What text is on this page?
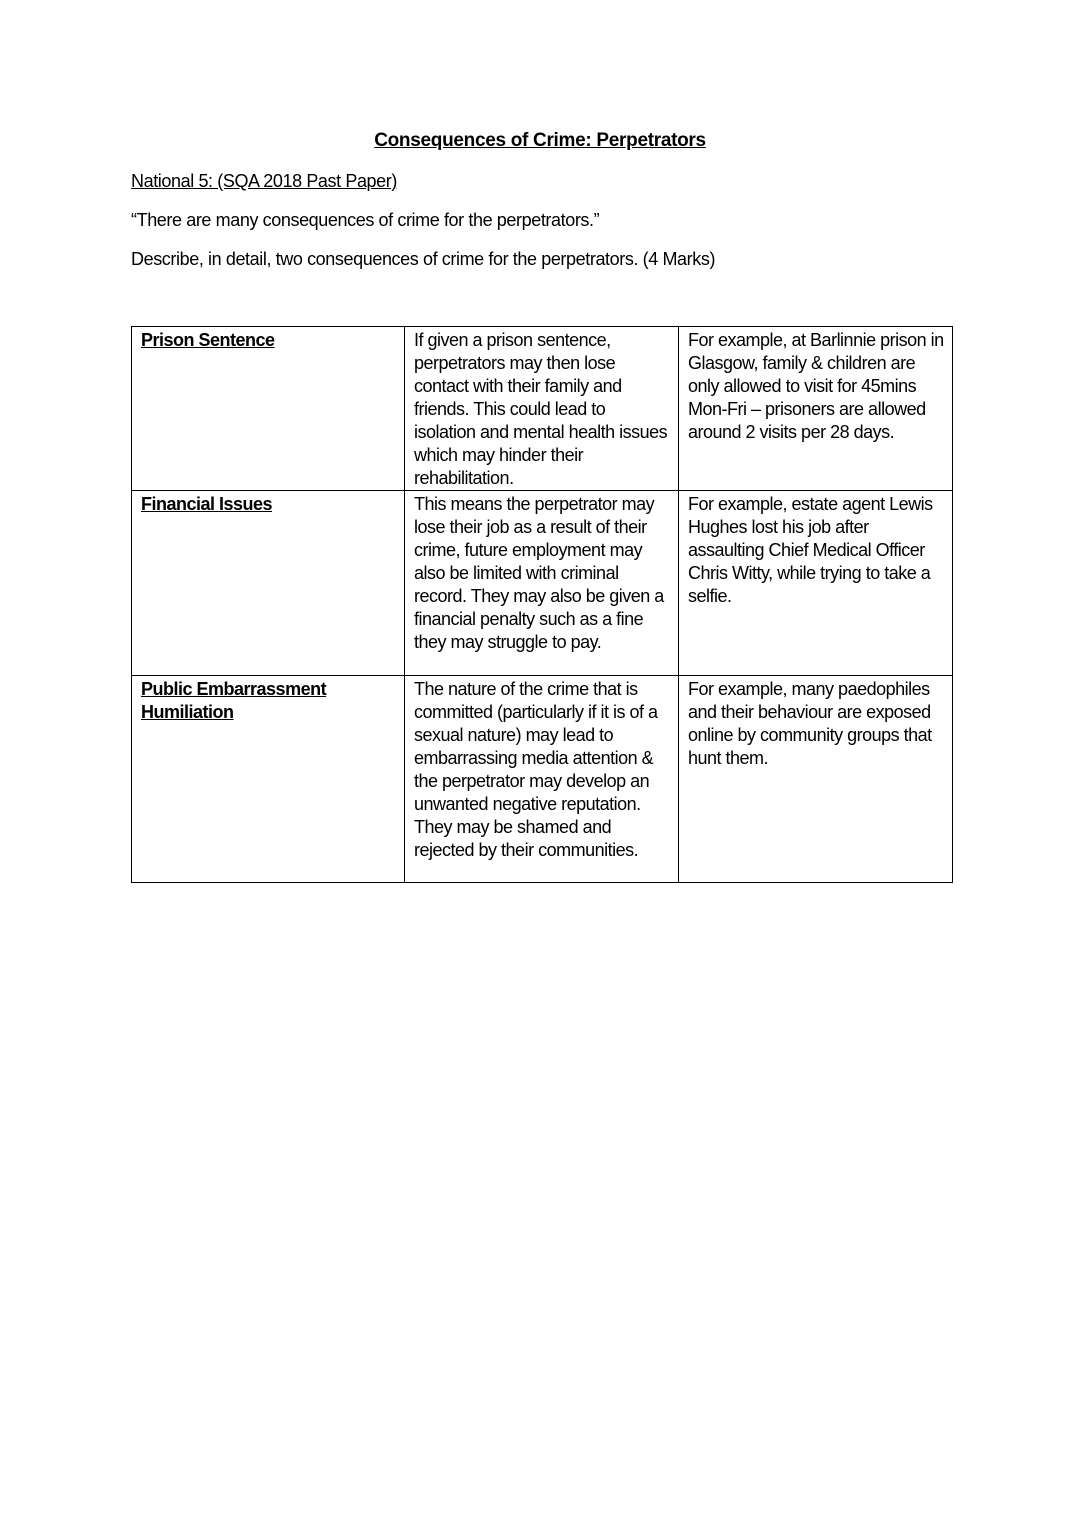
Consequences of Crime: Perpetrators
National 5: (SQA 2018 Past Paper)
“There are many consequences of crime for the perpetrators.”
Describe, in detail, two consequences of crime for the perpetrators. (4 Marks)
Prison Sentence	If given a prison sentence, perpetrators may then lose contact with their family and friends. This could lead to isolation and mental health issues which may hinder their rehabilitation.	For example, at Barlinnie prison in Glasgow, family & children are only allowed to visit for 45mins Mon-Fri – prisoners are allowed around 2 visits per 28 days.

Financial Issues	This means the perpetrator may lose their job as a result of their crime, future employment may also be limited with criminal record. They may also be given a financial penalty such as a fine they may struggle to pay.	For example, estate agent Lewis Hughes lost his job after assaulting Chief Medical Officer Chris Witty, while trying to take a selfie.

Public Embarrassment
Humiliation	The nature of the crime that is committed (particularly if it is of a sexual nature) may lead to embarrassing media attention & the perpetrator may develop an unwanted negative reputation. They may be shamed and rejected by their communities.	For example, many paedophiles and their behaviour are exposed online by community groups that hunt them.
